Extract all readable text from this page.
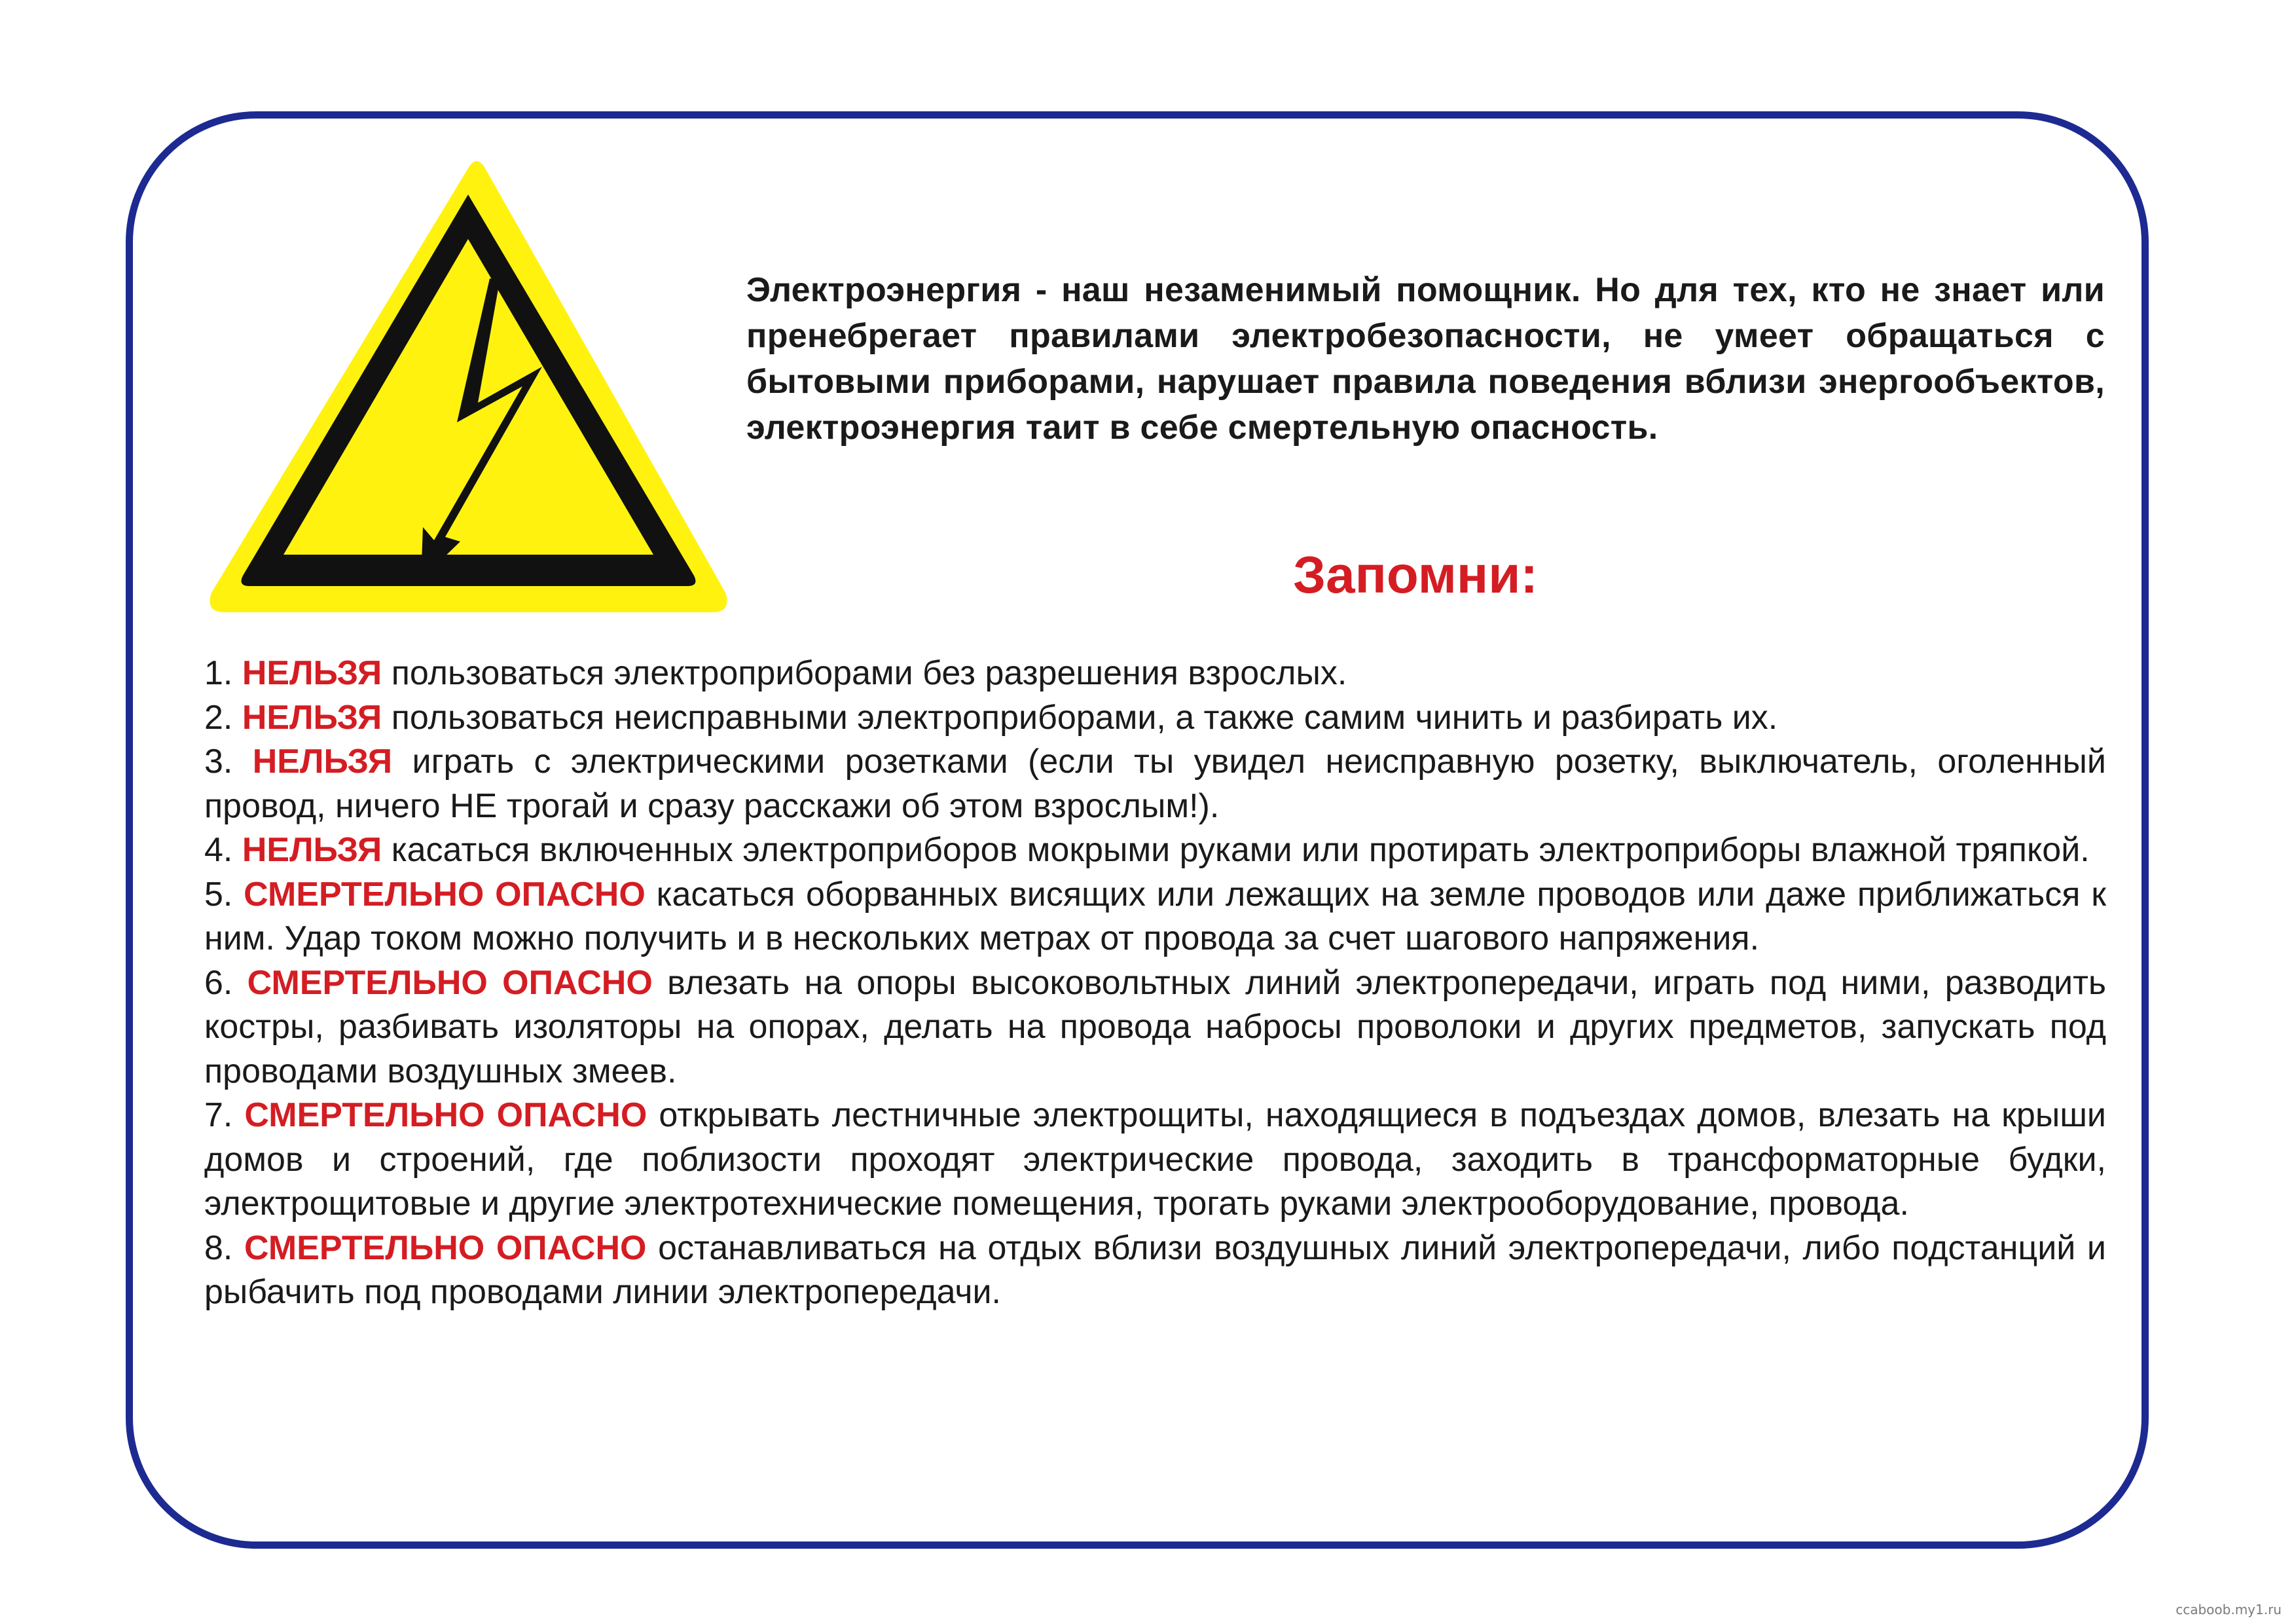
Электроэнергия - наш незаменимый помощник. Но для тех, кто не знает или пренебрегает правилами электробезопасности, не умеет обращаться с бытовыми приборами, нарушает правила поведения вблизи энергообъектов, электроэнергия таит в себе смертельную опасность.

Запомни:

1. НЕЛЬЗЯ пользоваться электроприборами без разрешения взрослых.
2. НЕЛЬЗЯ пользоваться неисправными электроприборами, а также самим чинить и разбирать их.
3. НЕЛЬЗЯ играть с электрическими розетками (если ты увидел неисправную розетку, выключатель, оголенный провод, ничего НЕ трогай и сразу расскажи об этом взрослым!).
4. НЕЛЬЗЯ касаться включенных электроприборов мокрыми руками или протирать электроприборы влажной тряпкой.
5. СМЕРТЕЛЬНО ОПАСНО касаться оборванных висящих или лежащих на земле проводов или даже приближаться к ним. Удар током можно получить и в нескольких метрах от провода за счет шагового напряжения.
6. СМЕРТЕЛЬНО ОПАСНО влезать на опоры высоковольтных линий электропередачи, играть под ними, разводить костры, разбивать изоляторы на опорах, делать на провода набросы проволоки и других предметов, запускать под проводами воздушных змеев.
7. СМЕРТЕЛЬНО ОПАСНО открывать лестничные электрощиты, находящиеся в подъездах домов, влезать на крыши домов и строений, где поблизости проходят электрические провода, заходить в трансформаторные будки, электрощитовые и другие электротехнические помещения, трогать руками электрооборудование, провода.
8. СМЕРТЕЛЬНО ОПАСНО останавливаться на отдых вблизи воздушных линий электропередачи, либо подстанций и рыбачить под проводами линии электропередачи.
ccaboob.my1.ru
